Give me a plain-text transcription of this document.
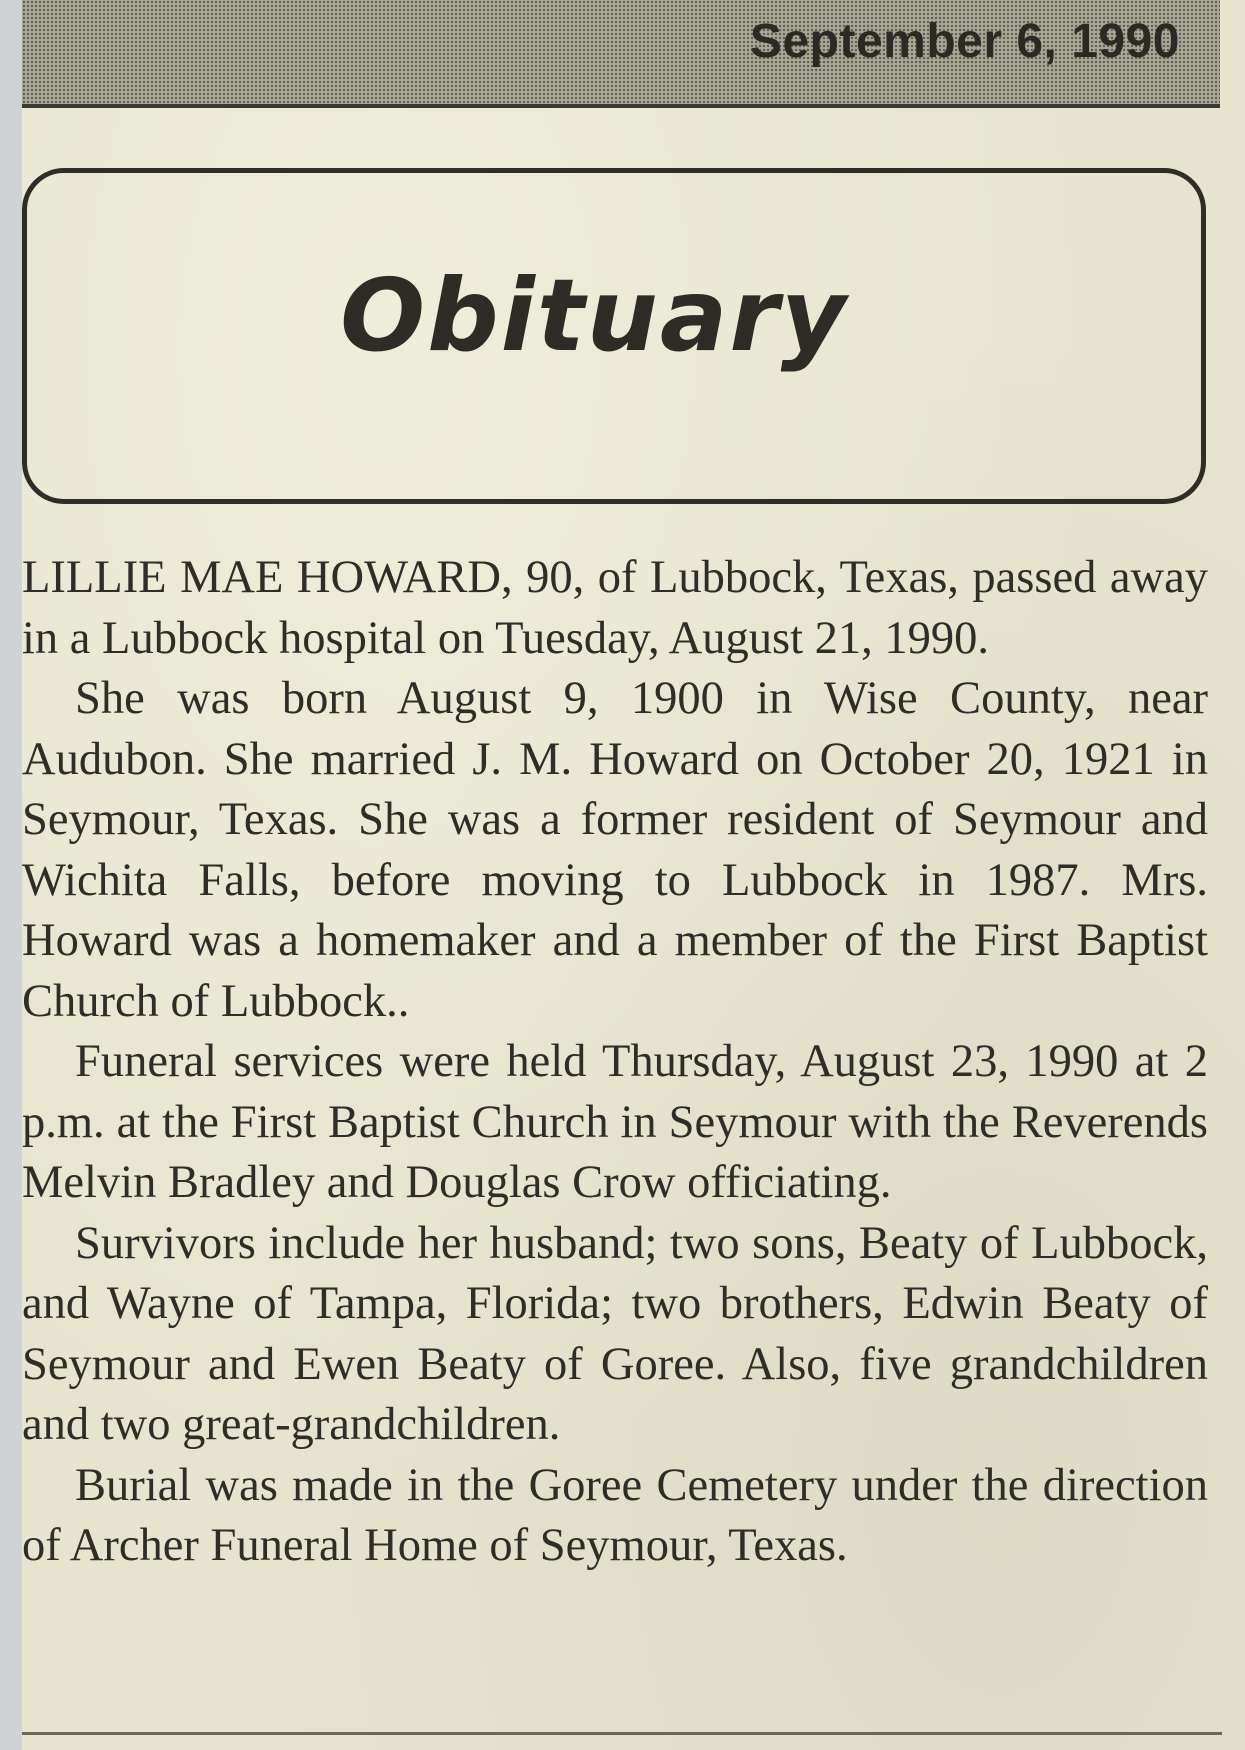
September 6, 1990
Obituary

LILLIE MAE HOWARD, 90, of Lubbock, Texas, passed away in a Lubbock hospital on Tuesday, August 21, 1990.

She was born August 9, 1900 in Wise County, near Audubon. She married J. M. Howard on October 20, 1921 in Seymour, Texas. She was a former resident of Seymour and Wichita Falls, before moving to Lubbock in 1987. Mrs. Howard was a homemaker and a member of the First Baptist Church of Lubbock..

Funeral services were held Thursday, August 23, 1990 at 2 p.m. at the First Baptist Church in Seymour with the Reverends Melvin Bradley and Douglas Crow officiating.

Survivors include her husband; two sons, Beaty of Lubbock, and Wayne of Tampa, Florida; two brothers, Edwin Beaty of Seymour and Ewen Beaty of Goree. Also, five grandchildren and two great-grandchildren.

Burial was made in the Goree Cemetery under the direction of Archer Funeral Home of Seymour, Texas.
